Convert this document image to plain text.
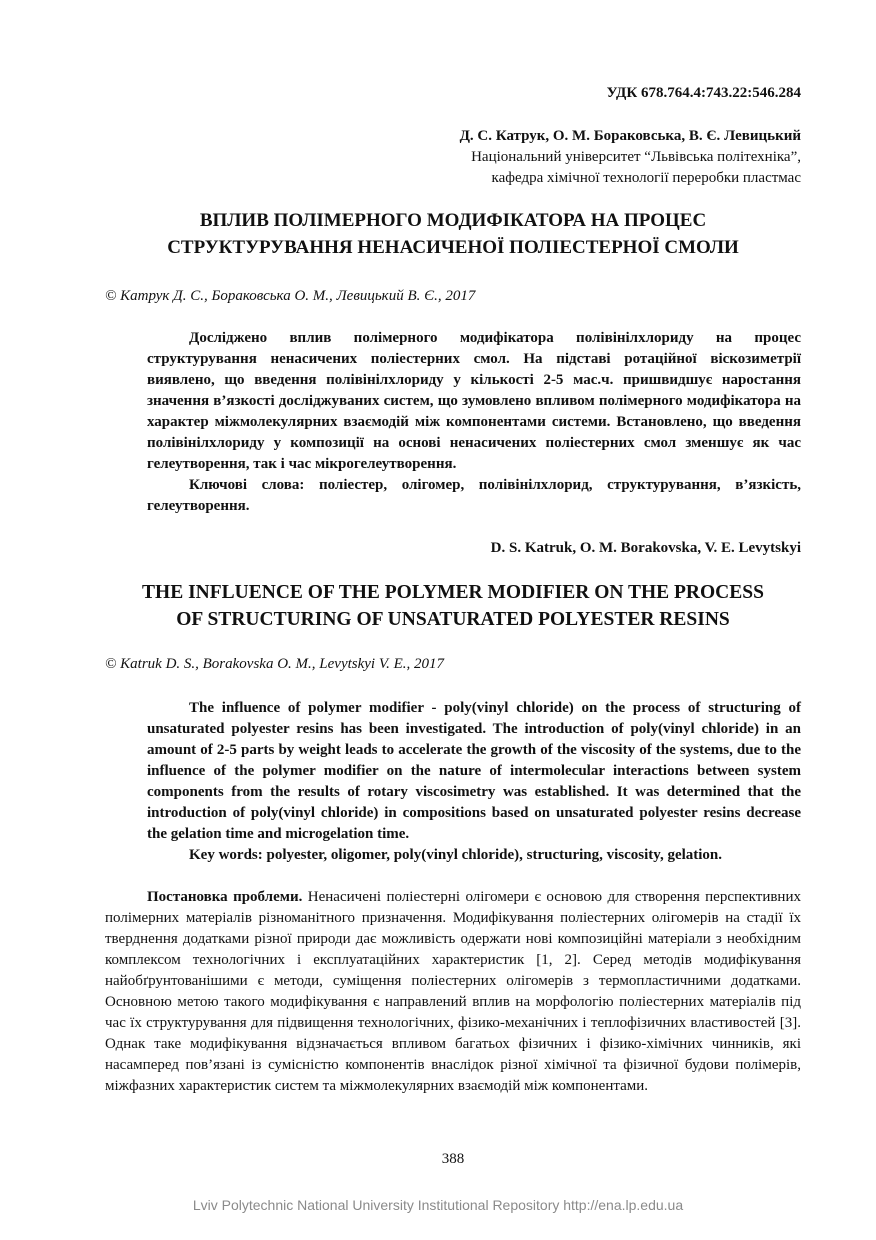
УДК 678.764.4:743.22:546.284
Д. С. Катрук, О. М. Бораковська, В. Є. Левицький
Національний університет “Львівська політехніка”,
кафедра хімічної технології переробки пластмас
ВПЛИВ ПОЛІМЕРНОГО МОДИФІКАТОРА НА ПРОЦЕС
СТРУКТУРУВАННЯ НЕНАСИЧЕНОЇ ПОЛІЕСТЕРНОЇ СМОЛИ
© Катрук Д. С., Бораковська О. М., Левицький В. Є., 2017

Досліджено вплив полімерного модифікатора полівінілхлориду на процес структурування ненасичених поліестерних смол. На підставі ротаційної віскозиметрії виявлено, що введення полівінілхлориду у кількості 2-5 мас.ч. пришвидшує наростання значення в’язкості досліджуваних систем, що зумовлено впливом полімерного модифікатора на характер міжмолекулярних взаємодій між компонентами системи. Встановлено, що введення полівінілхлориду у композиції на основі ненасичених поліестерних смол зменшує як час гелеутворення, так і час мікрогелеутворення.

Ключові слова: поліестер, олігомер, полівінілхлорид, структурування, в’язкість, гелеутворення.

D. S. Katruk, O. M. Borakovska, V. E. Levytskyi
THE INFLUENCE OF THE POLYMER MODIFIER ON THE PROCESS
OF STRUCTURING OF UNSATURATED POLYESTER RESINS
© Katruk D. S., Borakovska O. M., Levytskyi V. E., 2017

The influence of polymer modifier - poly(vinyl chloride) on the process of structuring of unsaturated polyester resins has been investigated. The introduction of poly(vinyl chloride) in an amount of 2-5 parts by weight leads to accelerate the growth of the viscosity of the systems, due to the influence of the polymer modifier on the nature of intermolecular interactions between system components from the results of rotary viscosimetry was established. It was determined that the introduction of poly(vinyl chloride) in compositions based on unsaturated polyester resins decrease the gelation time and microgelation time.

Key words: polyester, oligomer, poly(vinyl chloride), structuring, viscosity, gelation.

Постановка проблеми. Ненасичені поліестерні олігомери є основою для створення перспективних полімерних матеріалів різноманітного призначення. Модифікування поліестерних олігомерів на стадії їх тверднення додатками різної природи дає можливість одержати нові композиційні матеріали з необхідним комплексом технологічних і експлуатаційних характеристик [1, 2]. Серед методів модифікування найобґрунтованішими є методи, суміщення поліестерних олігомерів з термопластичними додатками. Основною метою такого модифікування є направлений вплив на морфологію поліестерних матеріалів під час їх структурування для підвищення технологічних, фізико-механічних і теплофізичних властивостей [3]. Однак таке модифікування відзначається впливом багатьох фізичних і фізико-хімічних чинників, які насамперед пов’язані із сумісністю компонентів внаслідок різної хімічної та фізичної будови полімерів, міжфазних характеристик систем та міжмолекулярних взаємодій між компонентами.

388
Lviv Polytechnic National University Institutional Repository http://ena.lp.edu.ua
